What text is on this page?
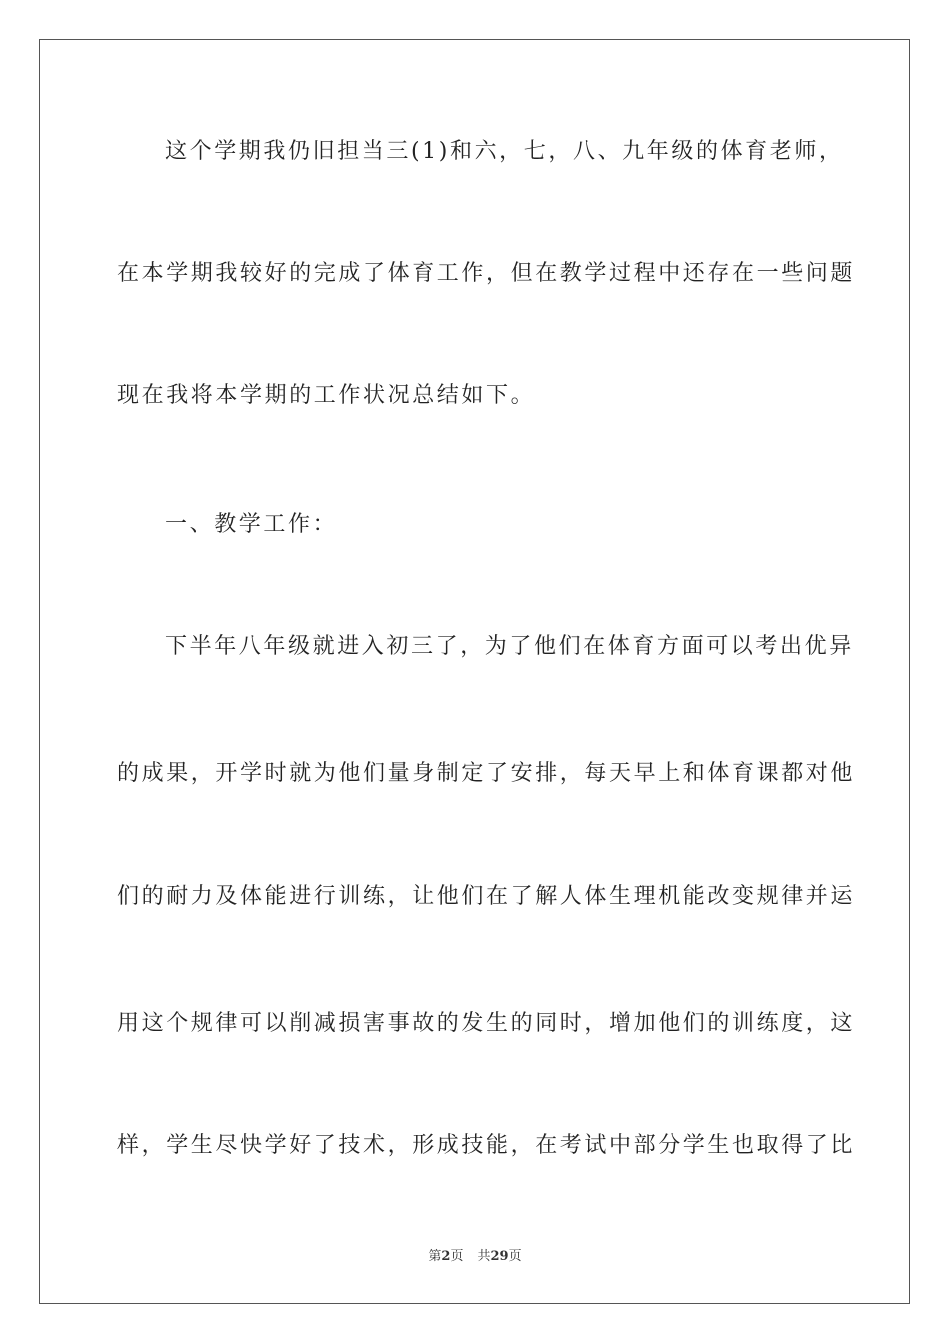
这个学期我仍旧担当三(1)和六，七，八、九年级的体育老师，
在本学期我较好的完成了体育工作，但在教学过程中还存在一些问题
现在我将本学期的工作状况总结如下。
一、教学工作：
下半年八年级就进入初三了，为了他们在体育方面可以考出优异
的成果，开学时就为他们量身制定了安排，每天早上和体育课都对他
们的耐力及体能进行训练，让他们在了解人体生理机能改变规律并运
用这个规律可以削减损害事故的发生的同时，增加他们的训练度，这
样，学生尽快学好了技术，形成技能，在考试中部分学生也取得了比
第2页 共29页
